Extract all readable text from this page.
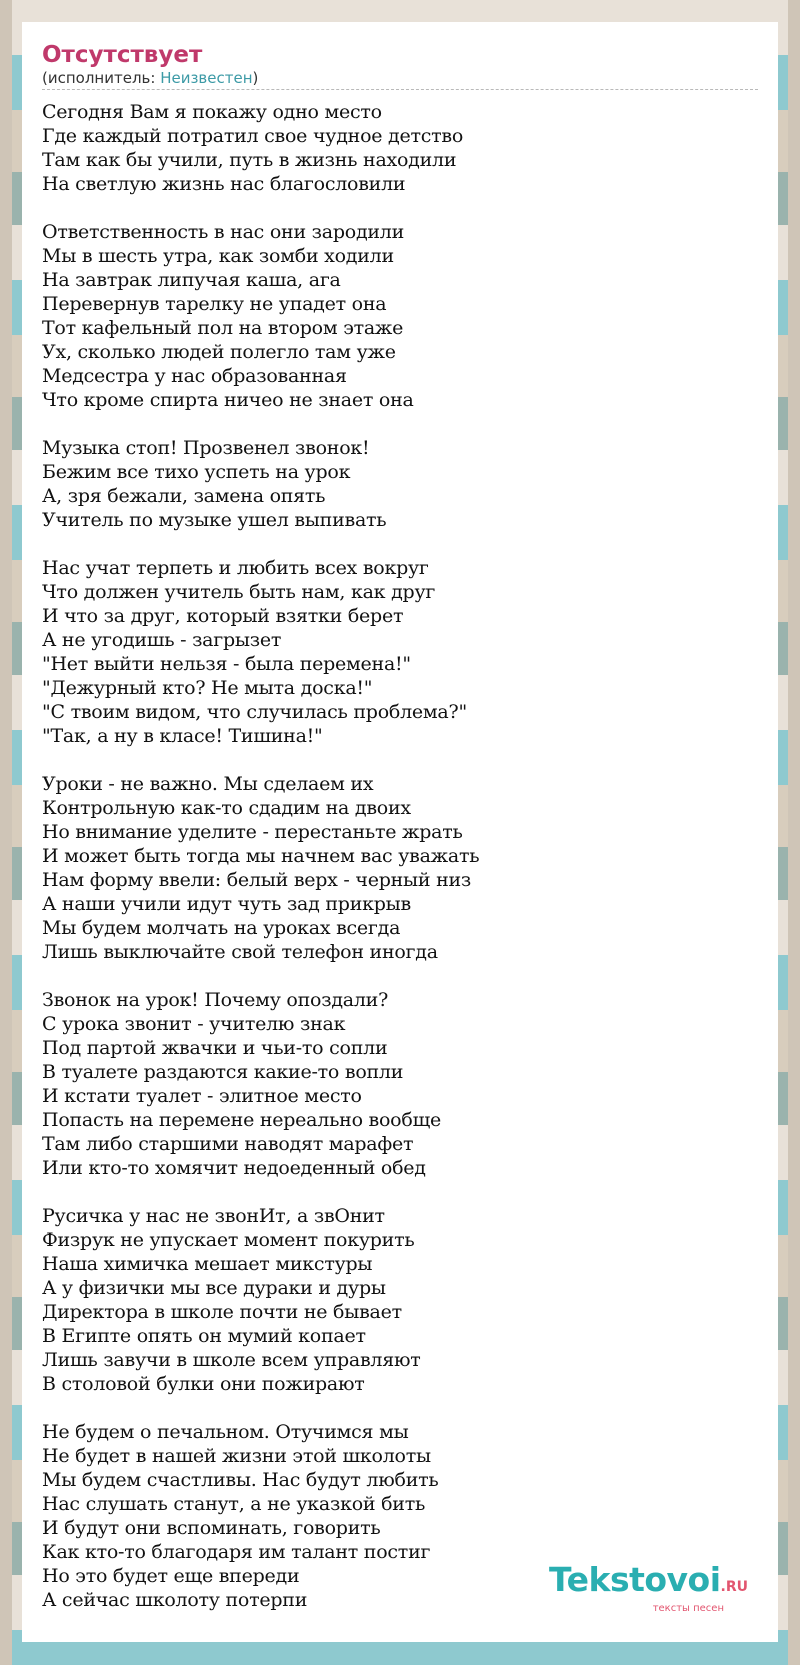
Отсутствует
(исполнитель: Неизвестен)
Сегодня Вам я покажу одно место
Где каждый потратил свое чудное детство
Там как бы учили, путь в жизнь находили
На светлую жизнь нас благословили
Ответственность в нас они зародили
Мы в шесть утра, как зомби ходили
На завтрак липучая каша, ага
Перевернув тарелку не упадет она
Тот кафельный пол на втором этаже
Ух, сколько людей полегло там уже
Медсестра у нас образованная
Что кроме спирта ничео не знает она
Музыка стоп! Прозвенел звонок!
Бежим все тихо успеть на урок
А, зря бежали, замена опять
Учитель по музыке ушел выпивать
Нас учат терпеть и любить всех вокруг
Что должен учитель быть нам, как друг
И что за друг, который взятки берет
А не угодишь - загрызет
"Нет выйти нельзя - была перемена!"
"Дежурный кто? Не мыта доска!"
"С твоим видом, что случилась проблема?"
"Так, а ну в класе! Тишина!"
Уроки - не важно. Мы сделаем их
Контрольную как-то сдадим на двоих
Но внимание уделите - перестаньте жрать
И может быть тогда мы начнем вас уважать
Нам форму ввели: белый верх - черный низ
А наши учили идут чуть зад прикрыв
Мы будем молчать на уроках всегда
Лишь выключайте свой телефон иногда
Звонок на урок! Почему опоздали?
С урока звонит - учителю знак
Под партой жвачки и чьи-то сопли
В туалете раздаются какие-то вопли
И кстати туалет - элитное место
Попасть на перемене нереально вообще
Там либо старшими наводят марафет
Или кто-то хомячит недоеденный обед
Русичка у нас не звонИт, а звОнит
Физрук не упускает момент покурить
Наша химичка мешает микстуры
А у физички мы все дураки и дуры
Директора в школе почти не бывает
В Египте опять он мумий копает
Лишь завучи в школе всем управляют
В столовой булки они пожирают
Не будем о печальном. Отучимся мы
Не будет в нашей жизни этой школоты
Мы будем счастливы. Нас будут любить
Нас слушать станут, а не указкой бить
И будут они вспоминать, говорить
Как кто-то благодаря им талант постиг
Но это будет еще впереди
А сейчас школоту потерпи
Tekstovoi.RU
тексты песен
